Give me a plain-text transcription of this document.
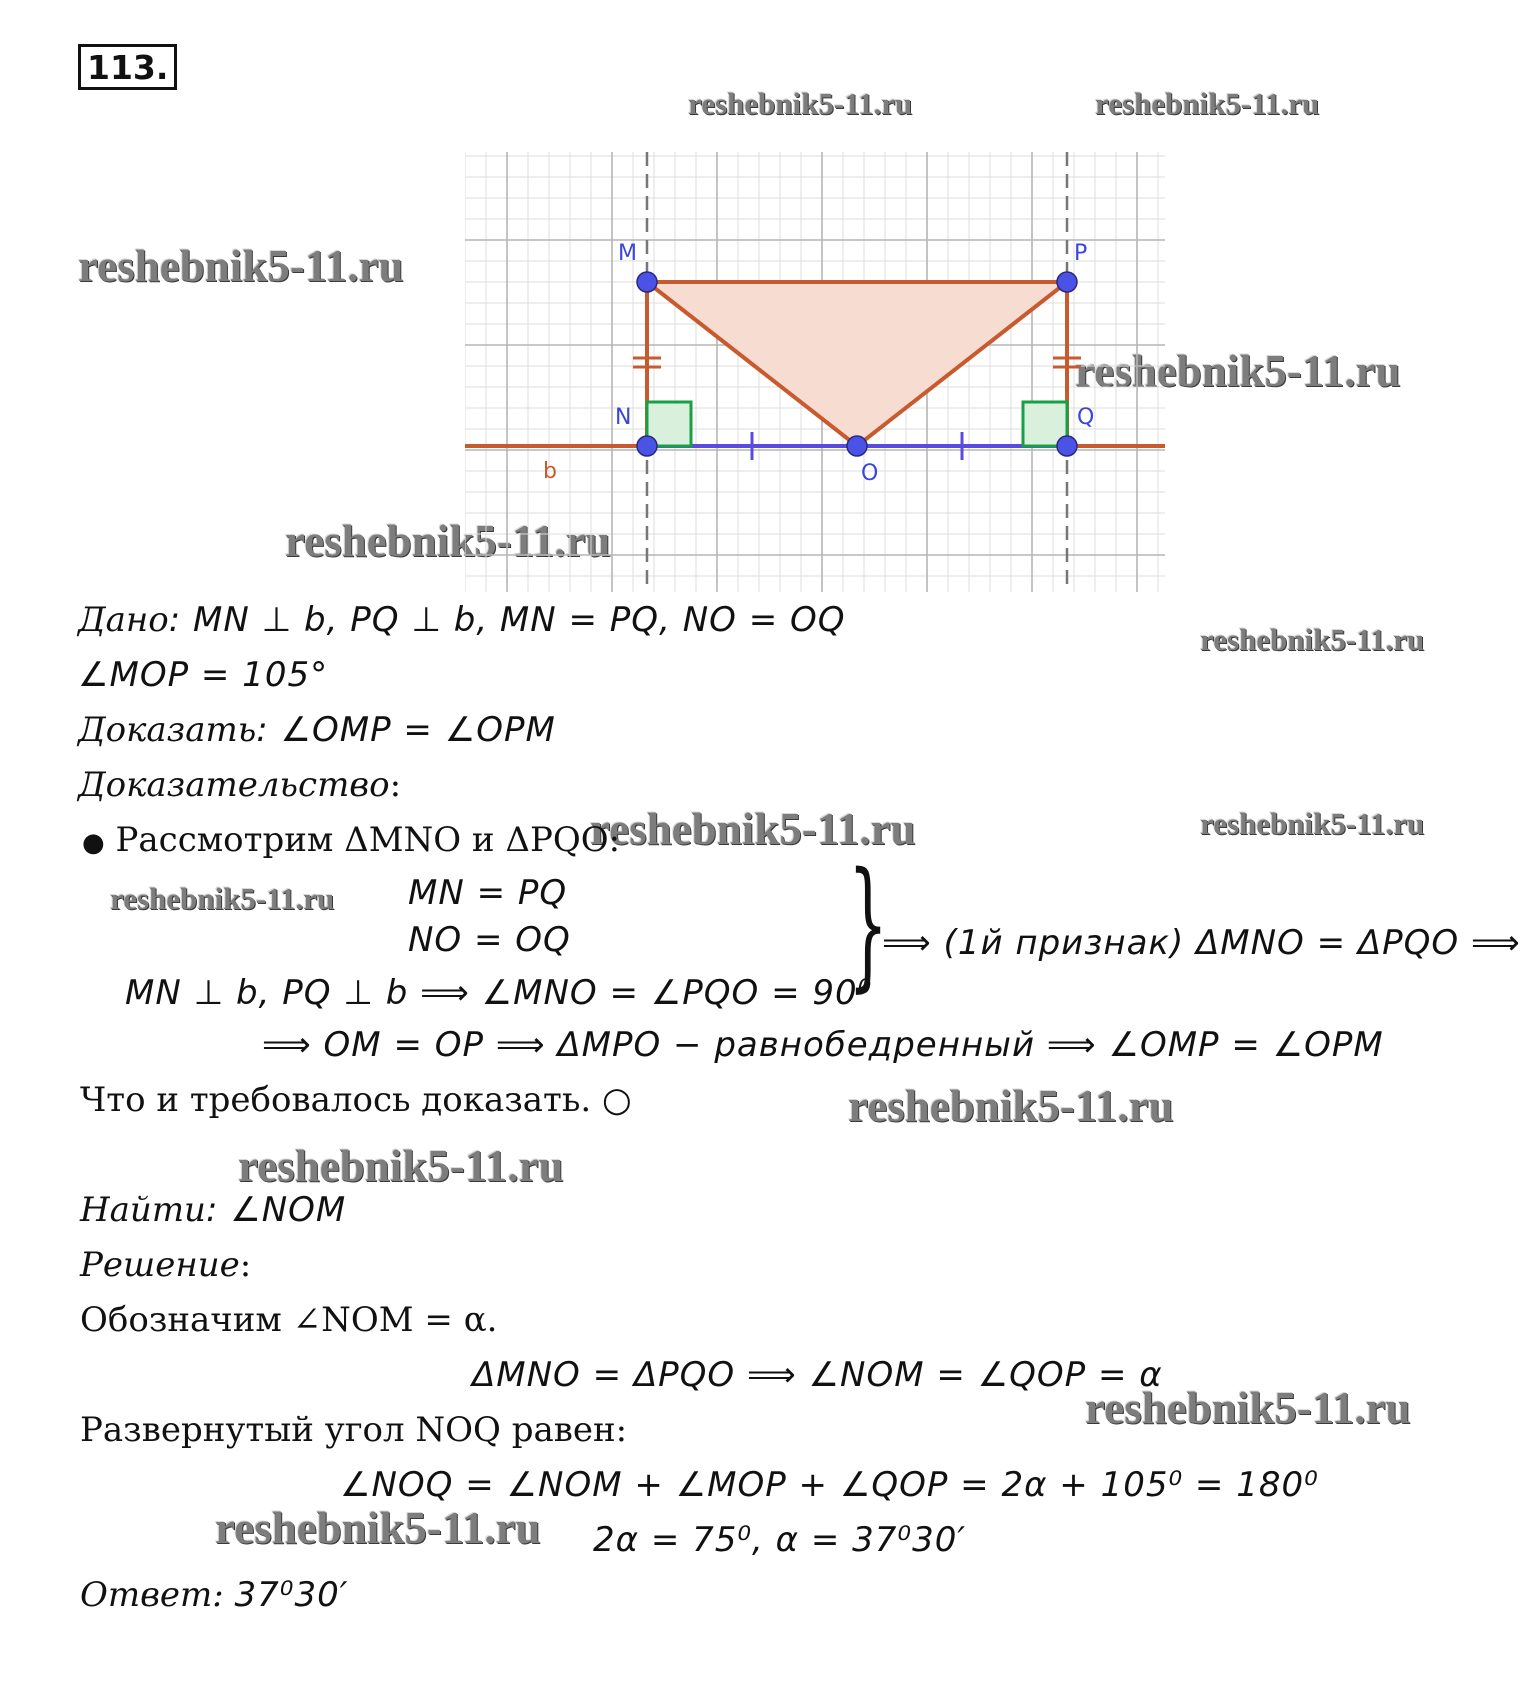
113.
reshebnik5-11.ru	reshebnik5-11.ru
reshebnik5-11.ru
reshebnik5-11.ru
reshebnik5-11.ru
reshebnik5-11.ru
reshebnik5-11.ru
reshebnik5-11.ru
reshebnik5-11.ru
reshebnik5-11.ru
reshebnik5-11.ru
reshebnik5-11.ru
reshebnik5-11.ru
M	P
N	Q
O
b
Дано: MN ⊥ b, PQ ⊥ b, MN = PQ, NO = OQ
∠MOP = 105°
Доказать: ∠OMP = ∠OPM
Доказательство:
● Рассмотрим ΔMNO и ΔPQO:
MN = PQ
NO = OQ
MN ⊥ b, PQ ⊥ b ⟹ ∠MNO = ∠PQO = 90⁰
}
⟹ (1й признак) ΔMNO = ΔPQO ⟹
⟹ OM = OP ⟹ ΔMPO − равнобедренный ⟹ ∠OMP = ∠OPM
Что и требовалось доказать. ○
Найти: ∠NOM
Решение:
Обозначим ∠NOM = α.
ΔMNO = ΔPQO ⟹ ∠NOM = ∠QOP = α
Развернутый угол NOQ равен:
∠NOQ = ∠NOM + ∠MOP + ∠QOP = 2α + 105⁰ = 180⁰
2α = 75⁰, α = 37⁰30′
Ответ: 37⁰30′
